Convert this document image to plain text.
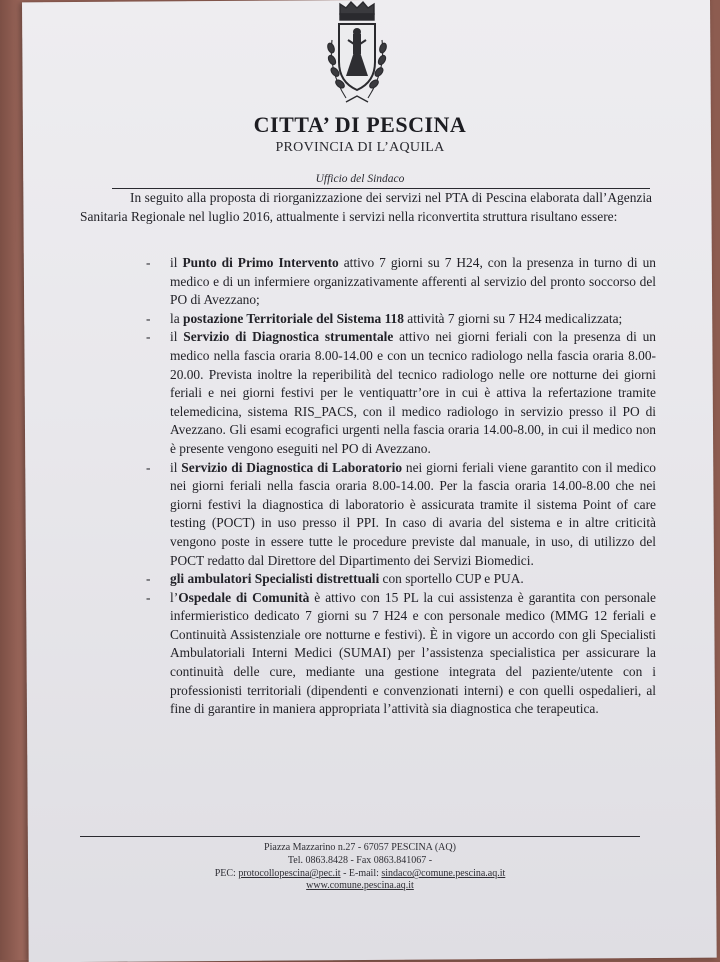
CITTA’ DI PESCINA
PROVINCIA DI L’AQUILA
Ufficio del Sindaco

In seguito alla proposta di riorganizzazione dei servizi nel PTA di Pescina elaborata dall’Agenzia Sanitaria Regionale nel luglio 2016, attualmente i servizi nella riconvertita struttura risultano essere:

- il Punto di Primo Intervento attivo 7 giorni su 7 H24, con la presenza in turno di un medico e di un infermiere organizzativamente afferenti al servizio del pronto soccorso del PO di Avezzano;
- la postazione Territoriale del Sistema 118 attività 7 giorni su 7 H24 medicalizzata;
- il Servizio di Diagnostica strumentale attivo nei giorni feriali con la presenza di un medico nella fascia oraria 8.00-14.00 e con un tecnico radiologo nella fascia oraria 8.00-20.00. Prevista inoltre la reperibilità del tecnico radiologo nelle ore notturne dei giorni feriali e nei giorni festivi per le ventiquattr’ore in cui è attiva la refertazione tramite telemedicina, sistema RIS_PACS, con il medico radiologo in servizio presso il PO di Avezzano. Gli esami ecografici urgenti nella fascia oraria 14.00-8.00, in cui il medico non è presente vengono eseguiti nel PO di Avezzano.
- il Servizio di Diagnostica di Laboratorio nei giorni feriali viene garantito con il medico nei giorni feriali nella fascia oraria 8.00-14.00. Per la fascia oraria 14.00-8.00 che nei giorni festivi la diagnostica di laboratorio è assicurata tramite il sistema Point of care testing (POCT) in uso presso il PPI. In caso di avaria del sistema e in altre criticità vengono poste in essere tutte le procedure previste dal manuale, in uso, di utilizzo del POCT redatto dal Direttore del Dipartimento dei Servizi Biomedici.
- gli ambulatori Specialisti distrettuali con sportello CUP e PUA.
- l’Ospedale di Comunità è attivo con 15 PL la cui assistenza è garantita con personale infermieristico dedicato 7 giorni su 7 H24 e con personale medico (MMG 12 feriali e Continuità Assistenziale ore notturne e festivi). È in vigore un accordo con gli Specialisti Ambulatoriali Interni Medici (SUMAI) per l’assistenza specialistica per assicurare la continuità delle cure, mediante una gestione integrata del paziente/utente con i professionisti territoriali (dipendenti e convenzionati interni) e con quelli ospedalieri, al fine di garantire in maniera appropriata l’attività sia diagnostica che terapeutica.
Piazza Mazzarino n.27 - 67057 PESCINA (AQ)
Tel. 0863.8428 - Fax 0863.841067 -
PEC: protocollopescina@pec.it - E-mail: sindaco@comune.pescina.aq.it
www.comune.pescina.aq.it
